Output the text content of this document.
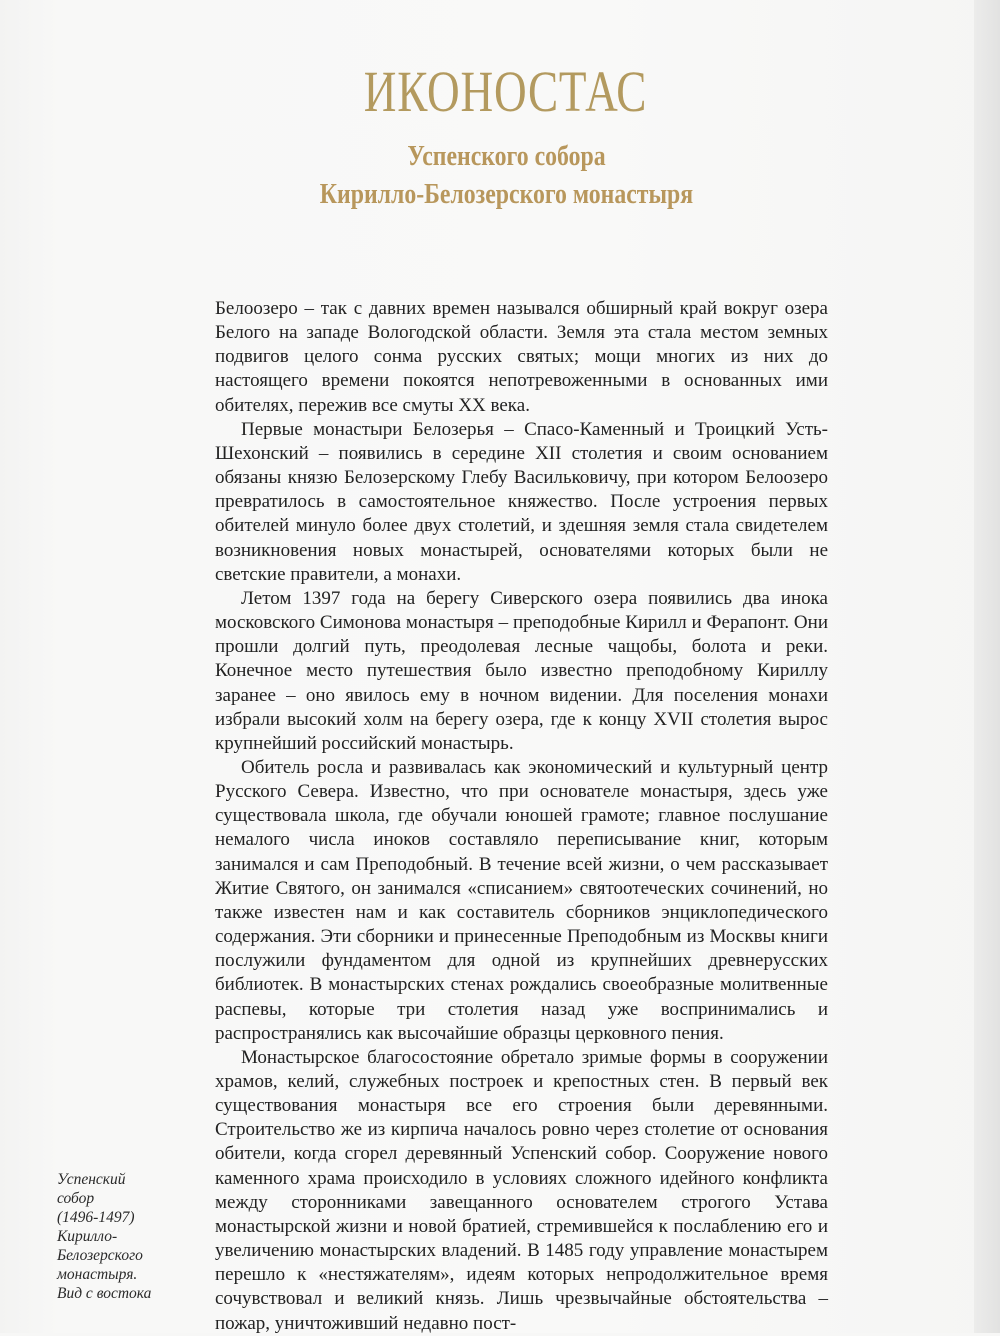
ИКОНОСТАС
Успенского собора
Кирилло-Белозерского монастыря

Белоозеро – так с давних времен назывался обширный край вокруг озера Белого на западе Вологодской области. Земля эта стала местом земных подвигов целого сонма русских святых; мощи многих из них до настоящего времени покоятся непотревоженными в основанных ими обителях, пережив все смуты XX века.

Первые монастыри Белозерья – Спасо-Каменный и Троицкий Усть-Шехонский – появились в середине XII столетия и своим основанием обязаны князю Белозерскому Глебу Васильковичу, при котором Белоозеро превратилось в самостоятельное княжество. После устроения первых обителей минуло более двух столетий, и здешняя земля стала свидетелем возникновения новых монастырей, основателями которых были не светские правители, а монахи.

Летом 1397 года на берегу Сиверского озера появились два инока московского Симонова монастыря – преподобные Кирилл и Ферапонт. Они прошли долгий путь, преодолевая лесные чащобы, болота и реки. Конечное место путешествия было известно преподобному Кириллу заранее – оно явилось ему в ночном видении. Для поселения монахи избрали высокий холм на берегу озера, где к концу XVII столетия вырос крупнейший российский монастырь.

Обитель росла и развивалась как экономический и культурный центр Русского Севера. Известно, что при основателе монастыря, здесь уже существовала школа, где обучали юношей грамоте; главное послушание немалого числа иноков составляло переписывание книг, которым занимался и сам Преподобный. В течение всей жизни, о чем рассказывает Житие Святого, он занимался «списанием» святоотеческих сочинений, но также известен нам и как составитель сборников энциклопедического содержания. Эти сборники и принесенные Преподобным из Москвы книги послужили фундаментом для одной из крупнейших древнерусских библиотек. В монастырских стенах рождались своеобразные молитвенные распевы, которые три столетия назад уже воспринимались и распространялись как высочайшие образцы церковного пения.

Монастырское благосостояние обретало зримые формы в сооружении храмов, келий, служебных построек и крепостных стен. В первый век существования монастыря все его строения были деревянными. Строительство же из кирпича началось ровно через столетие от основания обители, когда сгорел деревянный Успенский собор. Сооружение нового каменного храма происходило в условиях сложного идейного конфликта между сторонниками завещанного основателем строгого Устава монастырской жизни и новой братией, стремившейся к послаблению его и увеличению монастырских владений. В 1485 году управление монастырем перешло к «нестяжателям», идеям которых непродолжительное время сочувствовал и великий князь. Лишь чрезвычайные обстоятельства – пожар, уничтоживший недавно пост-

Успенский
собор
(1496-1497)
Кирилло-
Белозерского
монастыря.
Вид с востока
